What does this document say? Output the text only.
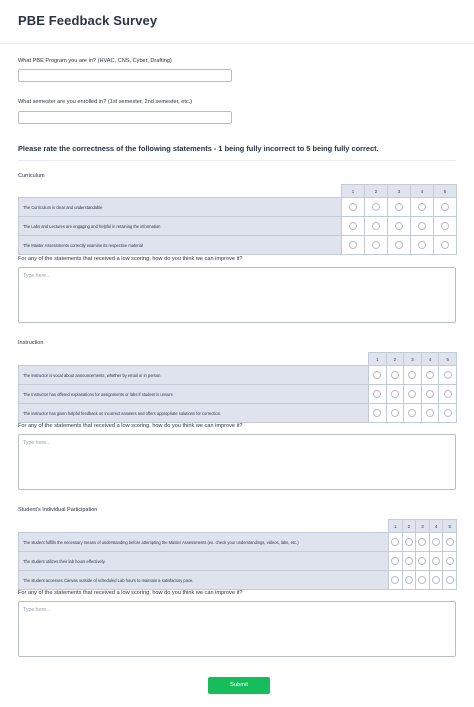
PBE Feedback Survey
What PBE Program you are in? (HVAC, CNS, Cyber, Drafting)
What semester are you enrolled in? (1st semester, 2nd semester, etc.)
Please rate the correctness of the following statements - 1 being fully incorrect to 5 being fully correct.
Curriculum
	1	2	3	4	5
The Curriculum is clear and understandable					
The Labs and Lectures are engaging and helpful in retaining the information					
The Master Assessments correctly examine its respective material					
For any of the statements that received a low scoring, how do you think we can improve it?
Type here...
Instruction
	1	2	3	4	5
The instructor is vocal about announcements, whether by email or in person					
The Instructor has offered explanations for assignments or labs if student is unsure					
The instructor has given helpful feedback on incorrect answers and offers appropriate solutions for correction.					
For any of the statements that received a low scoring, how do you think we can improve it?
Type here...
Student's Individual Participation
	1	2	3	4	5
The student fulfills the necessary means of understanding before attempting the Master Assessments (ex. check your understandings, videos, labs, etc.)					
The student utilizes their lab hours effectively.					
The student accesses Canvas outside of scheduled Lab hours to maintain a satisfactory pace.					
For any of the statements that received a low scoring, how do you think we can improve it?
Type here...
Submit
